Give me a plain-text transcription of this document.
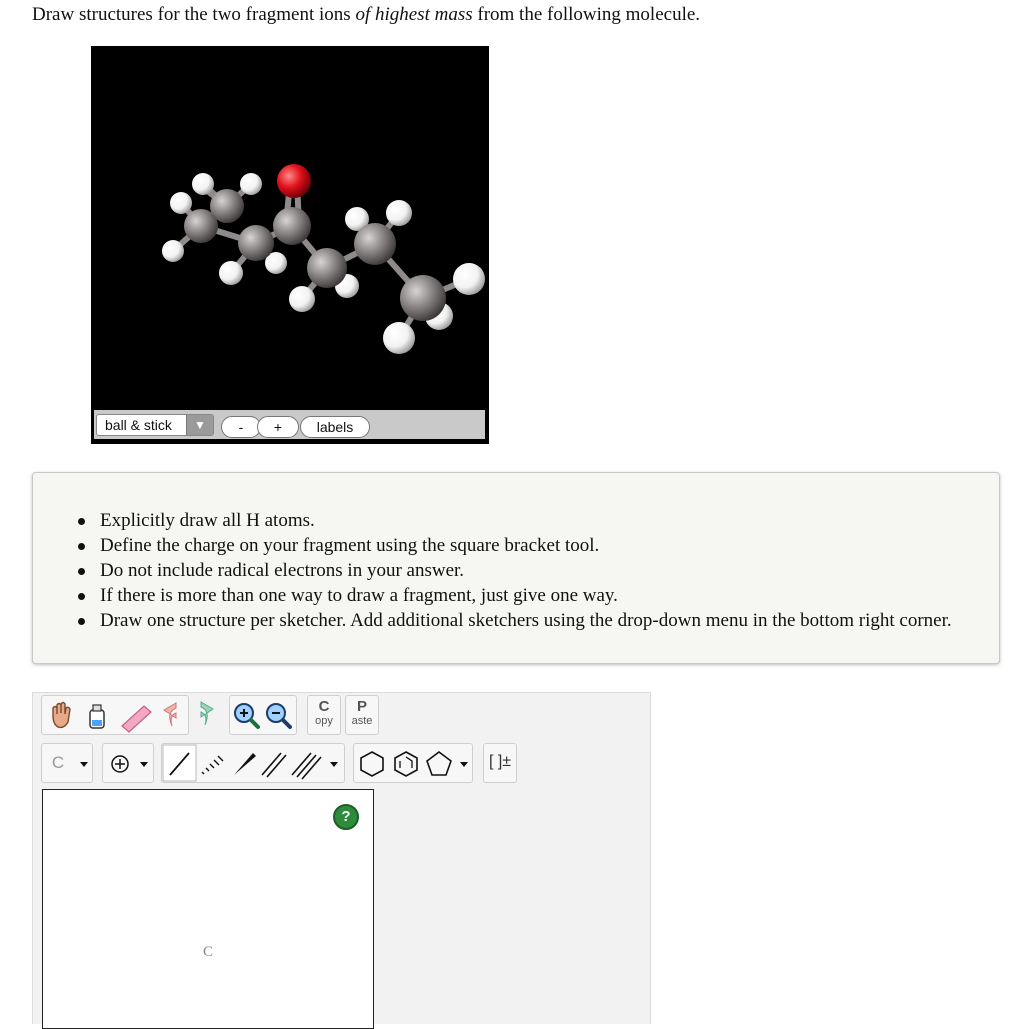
Draw structures for the two fragment ions of highest mass from the following molecule.

ball & stick	▼	-	+	labels
Explicitly draw all H atoms.
Define the charge on your fragment using the square bracket tool.
Do not include radical electrons in your answer.
If there is more than one way to draw a fragment, just give one way.
Draw one structure per sketcher. Add additional sketchers using the drop-down menu in the bottom right corner.
C
opy
P
aste
C	[ ]±
?
C
